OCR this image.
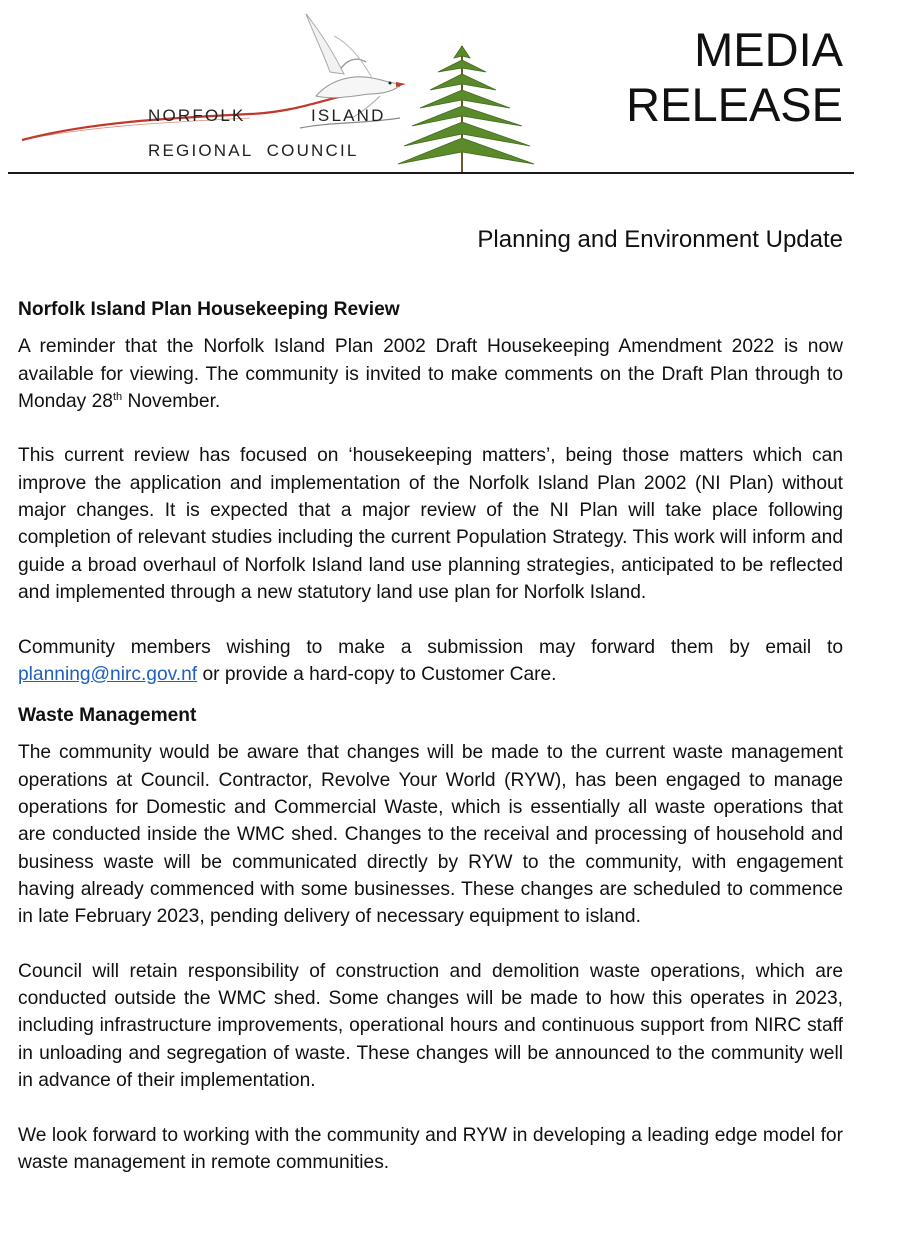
NORFOLK	ISLAND
REGIONAL  COUNCIL
MEDIA
RELEASE
Planning and Environment Update
Norfolk Island Plan Housekeeping Review

A reminder that the Norfolk Island Plan 2002 Draft Housekeeping Amendment 2022 is now available for viewing. The community is invited to make comments on the Draft Plan through to Monday 28th November.

This current review has focused on ‘housekeeping matters’, being those matters which can improve the application and implementation of the Norfolk Island Plan 2002 (NI Plan) without major changes. It is expected that a major review of the NI Plan will take place following completion of relevant studies including the current Population Strategy. This work will inform and guide a broad overhaul of Norfolk Island land use planning strategies, anticipated to be reflected and implemented through a new statutory land use plan for Norfolk Island.

Community members wishing to make a submission may forward them by email to planning@nirc.gov.nf or provide a hard-copy to Customer Care.

Waste Management

The community would be aware that changes will be made to the current waste management operations at Council. Contractor, Revolve Your World (RYW), has been engaged to manage operations for Domestic and Commercial Waste, which is essentially all waste operations that are conducted inside the WMC shed. Changes to the receival and processing of household and business waste will be communicated directly by RYW to the community, with engagement having already commenced with some businesses. These changes are scheduled to commence in late February 2023, pending delivery of necessary equipment to island.

Council will retain responsibility of construction and demolition waste operations, which are conducted outside the WMC shed. Some changes will be made to how this operates in 2023, including infrastructure improvements, operational hours and continuous support from NIRC staff in unloading and segregation of waste. These changes will be announced to the community well in advance of their implementation.

We look forward to working with the community and RYW in developing a leading edge model for waste management in remote communities.
